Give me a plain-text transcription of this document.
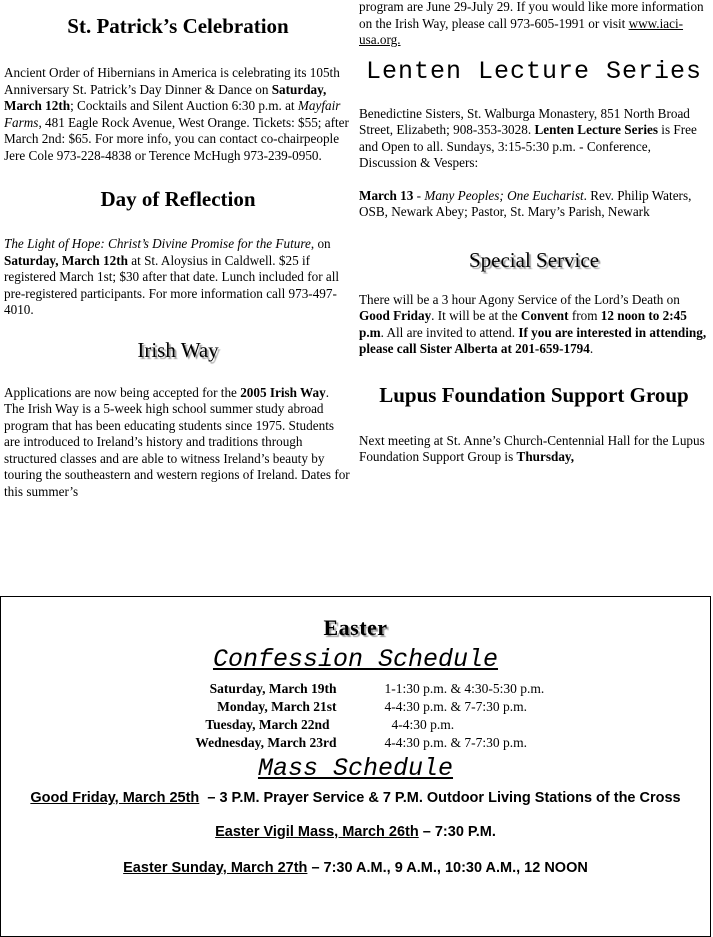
St. Patrick’s Celebration

Ancient Order of Hibernians in America is celebrating its 105th Anniversary St. Patrick’s Day Dinner & Dance on Saturday, March 12th; Cocktails and Silent Auction 6:30 p.m. at Mayfair Farms, 481 Eagle Rock Avenue, West Orange. Tickets: $55; after March 2nd: $65. For more info, you can contact co-chairpeople Jere Cole 973-228-4838 or Terence McHugh 973-239-0950.

Day of Reflection

The Light of Hope: Christ’s Divine Promise for the Future, on Saturday, March 12th at St. Aloysius in Caldwell. $25 if registered March 1st; $30 after that date. Lunch included for all pre-registered participants. For more information call 973-497-4010.

Irish Way

Applications are now being accepted for the 2005 Irish Way. The Irish Way is a 5-week high school summer study abroad program that has been educating students since 1975. Students are introduced to Ireland’s history and traditions through structured classes and are able to witness Ireland’s beauty by touring the southeastern and western regions of Ireland. Dates for this summer’s

program are June 29-July 29. If you would like more information on the Irish Way, please call 973-605-1991 or visit www.iaci-usa.org.

Lenten Lecture Series

Benedictine Sisters, St. Walburga Monastery, 851 North Broad Street, Elizabeth; 908-353-3028. Lenten Lecture Series is Free and Open to all. Sundays, 3:15-5:30 p.m. - Conference, Discussion & Vespers:

March 13 - Many Peoples; One Eucharist. Rev. Philip Waters, OSB, Newark Abey; Pastor, St. Mary’s Parish, Newark

Special Service

There will be a 3 hour Agony Service of the Lord’s Death on Good Friday. It will be at the Convent from 12 noon to 2:45 p.m. All are invited to attend. If you are interested in attending, please call Sister Alberta at 201-659-1794.

Lupus Foundation Support Group

Next meeting at St. Anne’s Church-Centennial Hall for the Lupus Foundation Support Group is Thursday,

Easter
Confession Schedule
Saturday, March 19th	1-1:30 p.m. & 4:30-5:30 p.m.
Monday, March 21st	4-4:30 p.m. & 7-7:30 p.m.
Tuesday, March 22nd	4-4:30 p.m.
Wednesday, March 23rd	4-4:30 p.m. & 7-7:30 p.m.
Mass Schedule
Good Friday, March 25th  – 3 P.M. Prayer Service & 7 P.M. Outdoor Living Stations of the Cross
Easter Vigil Mass, March 26th – 7:30 P.M.
Easter Sunday, March 27th – 7:30 A.M., 9 A.M., 10:30 A.M., 12 NOON
